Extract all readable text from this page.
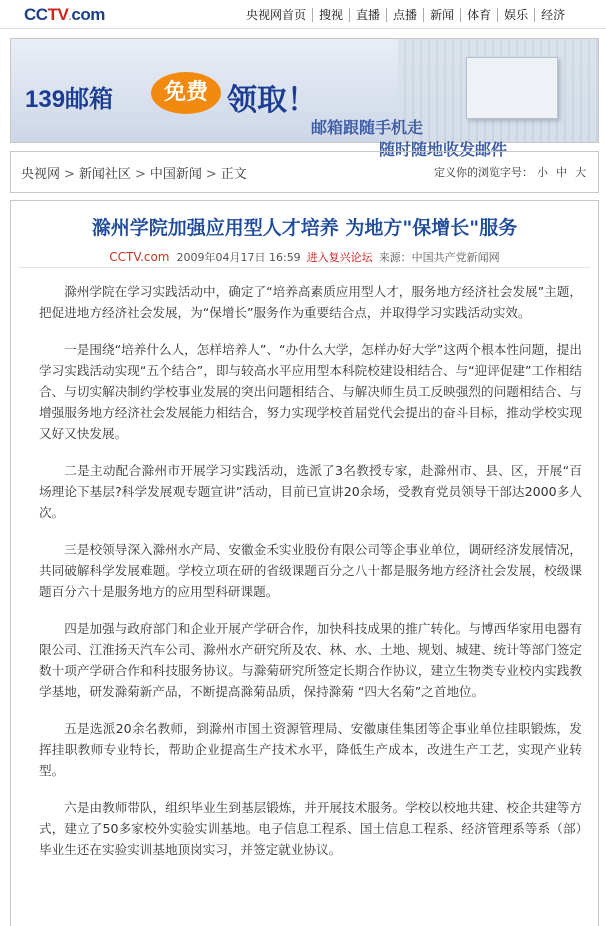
CCTV.com	央视网首页 搜视 直播 点播 新闻 体育 娱乐 经济
139邮箱	免费 领取！
邮箱跟随手机走
随时随地收发邮件
央视网 > 新闻社区 > 中国新闻 > 正文	定义你的浏览字号： 小 中 大
滁州学院加强应用型人才培养 为地方"保增长"服务
CCTV.com 2009年04月17日 16:59 进入复兴论坛 来源：中国共产党新闻网

滁州学院在学习实践活动中，确定了“培养高素质应用型人才，服务地方经济社会发展”主题，把促进地方经济社会发展，为“保增长”服务作为重要结合点，并取得学习实践活动实效。

一是围绕“培养什么人，怎样培养人”、“办什么大学，怎样办好大学”这两个根本性问题，提出学习实践活动实现“五个结合”，即与较高水平应用型本科院校建设相结合、与“迎评促建”工作相结合、与切实解决制约学校事业发展的突出问题相结合、与解决师生员工反映强烈的问题相结合、与增强服务地方经济社会发展能力相结合，努力实现学校首届党代会提出的奋斗目标，推动学校实现又好又快发展。

二是主动配合滁州市开展学习实践活动，选派了3名教授专家，赴滁州市、县、区，开展“百场理论下基层?科学发展观专题宣讲”活动，目前已宣讲20余场，受教育党员领导干部达2000多人次。

三是校领导深入滁州水产局、安徽金禾实业股份有限公司等企事业单位，调研经济发展情况，共同破解科学发展难题。学校立项在研的省级课题百分之八十都是服务地方经济社会发展，校级课题百分六十是服务地方的应用型科研课题。

四是加强与政府部门和企业开展产学研合作，加快科技成果的推广转化。与博西华家用电器有限公司、江淮扬天汽车公司、滁州水产研究所及农、林、水、土地、规划、城建、统计等部门签定数十项产学研合作和科技服务协议。与滁菊研究所签定长期合作协议，建立生物类专业校内实践教学基地，研发滁菊新产品，不断提高滁菊品质，保持滁菊 “四大名菊”之首地位。

五是选派20余名教师，到滁州市国土资源管理局、安徽康佳集团等企事业单位挂职锻炼，发挥挂职教师专业特长，帮助企业提高生产技术水平，降低生产成本，改进生产工艺，实现产业转型。

六是由教师带队，组织毕业生到基层锻炼，并开展技术服务。学校以校地共建、校企共建等方式，建立了50多家校外实验实训基地。电子信息工程系、国土信息工程系、经济管理系等系（部）毕业生还在实验实训基地顶岗实习，并签定就业协议。
